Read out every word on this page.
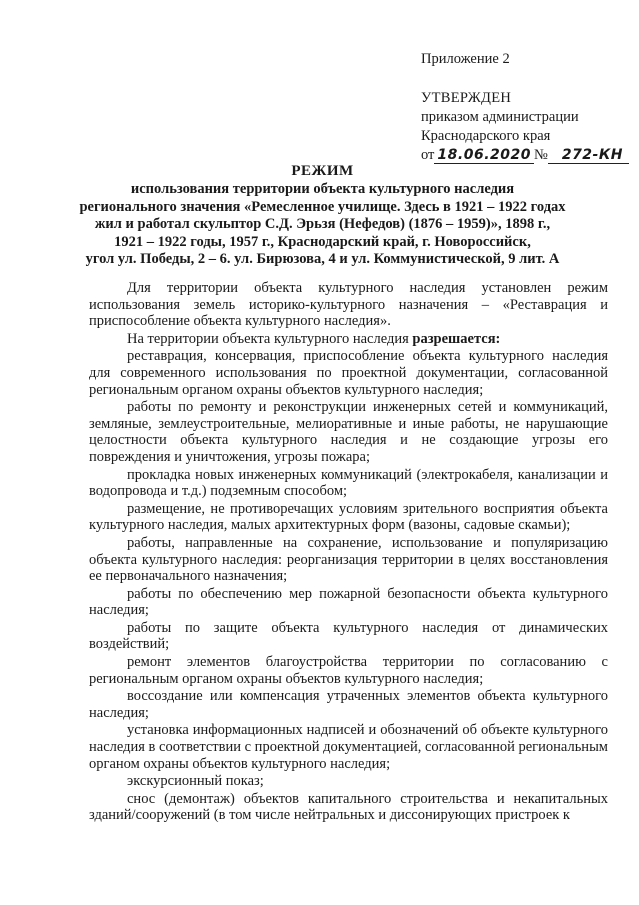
Приложение 2
УТВЕРЖДЕН
приказом администрации
Краснодарского края
от 18.06.2020 № 272-КН
РЕЖИМ
использования территории объекта культурного наследия
регионального значения «Ремесленное училище. Здесь в 1921 – 1922 годах
жил и работал скульптор С.Д. Эрьзя (Нефедов) (1876 – 1959)», 1898 г.,
1921 – 1922 годы, 1957 г., Краснодарский край, г. Новороссийск,
угол ул. Победы, 2 – 6. ул. Бирюзова, 4 и ул. Коммунистической, 9 лит. А

Для территории объекта культурного наследия установлен режим использования земель историко-культурного назначения – «Реставрация и приспособление объекта культурного наследия».

На территории объекта культурного наследия разрешается:

реставрация, консервация, приспособление объекта культурного наследия для современного использования по проектной документации, согласованной региональным органом охраны объектов культурного наследия;

работы по ремонту и реконструкции инженерных сетей и коммуникаций, земляные, землеустроительные, мелиоративные и иные работы, не нарушающие целостности объекта культурного наследия и не создающие угрозы его повреждения и уничтожения, угрозы пожара;

прокладка новых инженерных коммуникаций (электрокабеля, канализации и водопровода и т.д.) подземным способом;

размещение, не противоречащих условиям зрительного восприятия объекта культурного наследия, малых архитектурных форм (вазоны, садовые скамьи);

работы, направленные на сохранение, использование и популяризацию объекта культурного наследия: реорганизация территории в целях восстановления ее первоначального назначения;

работы по обеспечению мер пожарной безопасности объекта культурного наследия;

работы по защите объекта культурного наследия от динамических воздействий;

ремонт элементов благоустройства территории по согласованию с региональным органом охраны объектов культурного наследия;

воссоздание или компенсация утраченных элементов объекта культурного наследия;

установка информационных надписей и обозначений об объекте культурного наследия в соответствии с проектной документацией, согласованной региональным органом охраны объектов культурного наследия;

экскурсионный показ;

снос (демонтаж) объектов капитального строительства и некапитальных зданий/сооружений (в том числе нейтральных и диссонирующих пристроек к
